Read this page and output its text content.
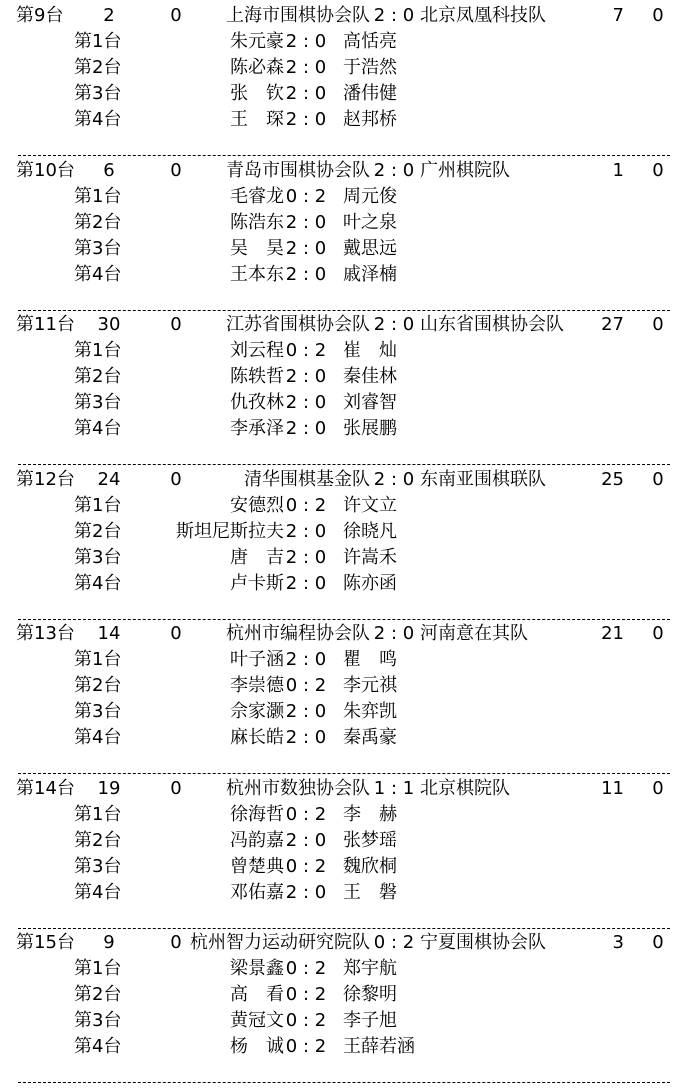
第9台	2	0	上海市围棋协会队 2 : 0 北京凤凰科技队	7 0
第1台	朱元豪 2 : 0 高恬亮
第2台	陈必森 2 : 0 于浩然
第3台	张　钦 2 : 0 潘伟健
第4台	王　琛 2 : 0 赵邦桥
第10台	6	0	青岛市围棋协会队 2 : 0 广州棋院队	1 0
第1台	毛睿龙 0 : 2 周元俊
第2台	陈浩东 2 : 0 叶之泉
第3台	吴　昊 2 : 0 戴思远
第4台	王本东 2 : 0 戚泽楠
第11台	30	0	江苏省围棋协会队 2 : 0 山东省围棋协会队	27 0
第1台	刘云程 0 : 2 崔　灿
第2台	陈轶哲 2 : 0 秦佳林
第3台	仇孜林 2 : 0 刘睿智
第4台	李承泽 2 : 0 张展鹏
第12台	24	0	清华围棋基金队 2 : 0 东南亚围棋联队	25 0
第1台	安德烈 0 : 2 许文立
第2台	斯坦尼斯拉夫 2 : 0 徐晓凡
第3台	唐　吉 2 : 0 许嵩禾
第4台	卢卡斯 2 : 0 陈亦函
第13台	14	0	杭州市编程协会队 2 : 0 河南意在其队	21 0
第1台	叶子涵 2 : 0 瞿　鸣
第2台	李崇德 0 : 2 李元祺
第3台	佘家灏 2 : 0 朱弈凯
第4台	麻长皓 2 : 0 秦禹豪
第14台	19	0	杭州市数独协会队 1 : 1 北京棋院队	11 0
第1台	徐海哲 0 : 2 李　赫
第2台	冯韵嘉 2 : 0 张梦瑶
第3台	曾楚典 0 : 2 魏欣桐
第4台	邓佑嘉 2 : 0 王　磐
第15台	9	0 杭州智力运动研究院队 0 : 2 宁夏围棋协会队	3 0
第1台	梁景鑫 0 : 2 郑宇航
第2台	高　看 0 : 2 徐黎明
第3台	黄冠文 0 : 2 李子旭
第4台	杨　诚 0 : 2 王薛若涵
